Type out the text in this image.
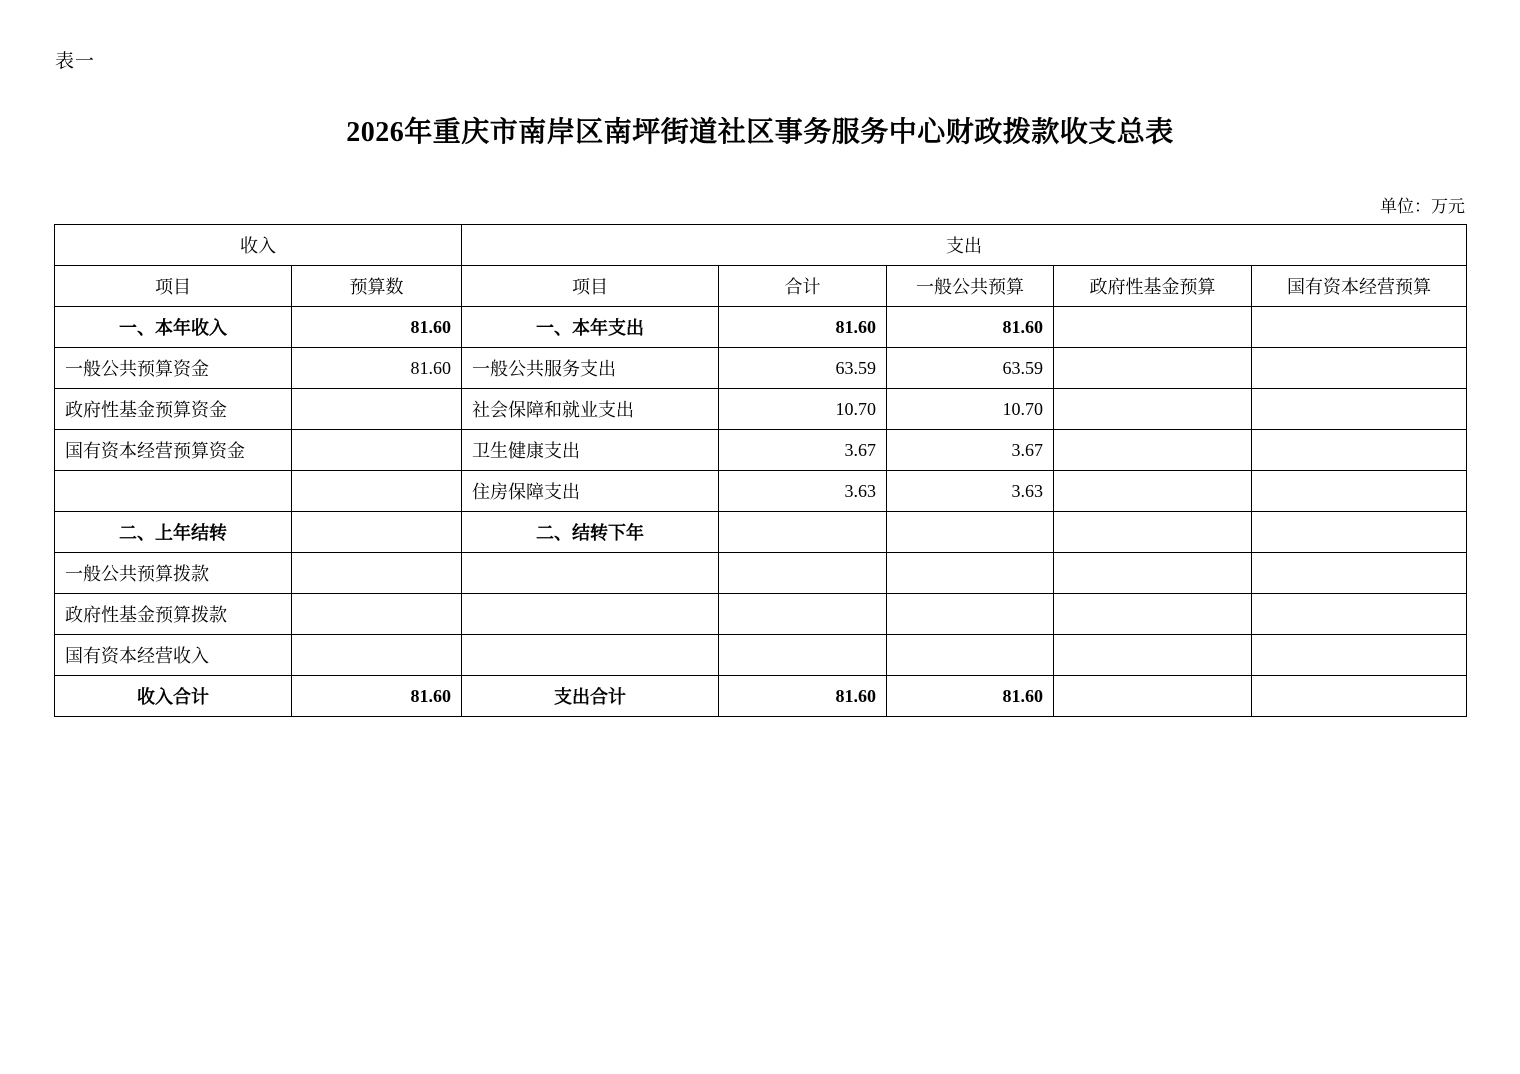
表一
2026年重庆市南岸区南坪街道社区事务服务中心财政拨款收支总表
单位：万元
收入		支出				
项目	预算数	项目	合计	一般公共预算	政府性基金预算	国有资本经营预算
一、本年收入	81.60	一、本年支出	81.60	81.60		
一般公共预算资金	81.60	一般公共服务支出	63.59	63.59		
政府性基金预算资金		社会保障和就业支出	10.70	10.70		
国有资本经营预算资金		卫生健康支出	3.67	3.67		
		住房保障支出	3.63	3.63		
二、上年结转		二、结转下年				
一般公共预算拨款						
政府性基金预算拨款						
国有资本经营收入						
收入合计	81.60	支出合计	81.60	81.60		
